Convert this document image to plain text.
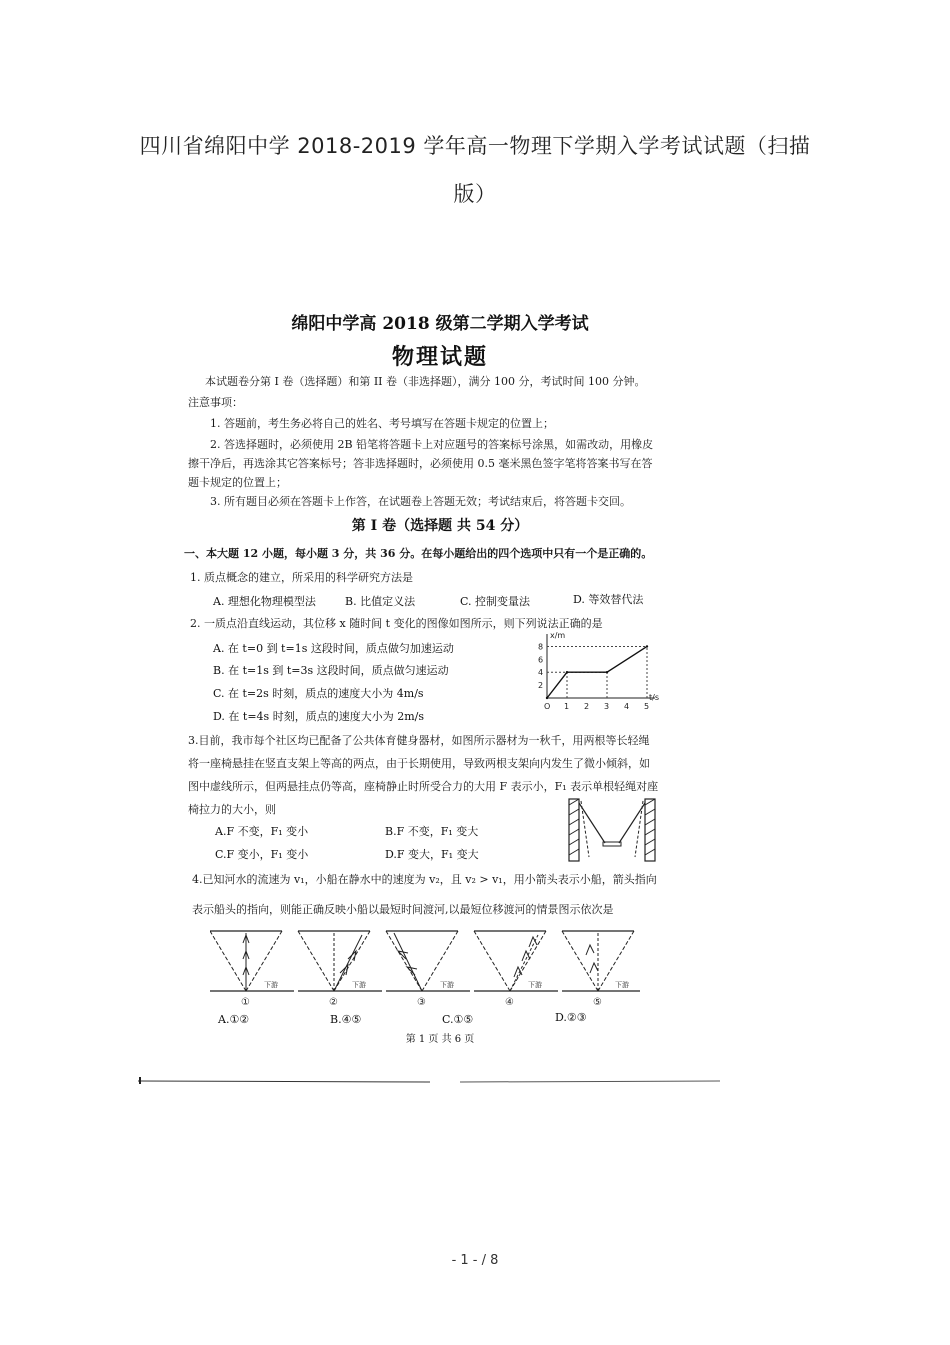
四川省绵阳中学 2018-2019 学年高一物理下学期入学考试试题（扫描
版）
绵阳中学高 2018 级第二学期入学考试
物理试题
本试题卷分第 I 卷（选择题）和第 II 卷（非选择题），满分 100 分，考试时间 100 分钟。
注意事项：
1. 答题前，考生务必将自己的姓名、考号填写在答题卡规定的位置上；
2. 答选择题时，必须使用 2B 铅笔将答题卡上对应题号的答案标号涂黑，如需改动，用橡皮
擦干净后，再选涂其它答案标号；答非选择题时，必须使用 0.5 毫米黑色签字笔将答案书写在答
题卡规定的位置上；
3. 所有题目必须在答题卡上作答，在试题卷上答题无效；考试结束后，将答题卡交回。
第 I 卷（选择题 共 54 分）
一、本大题 12 小题，每小题 3 分，共 36 分。在每小题给出的四个选项中只有一个是正确的。
1. 质点概念的建立，所采用的科学研究方法是
A. 理想化物理模型法	B. 比值定义法	C. 控制变量法	D. 等效替代法
2. 一质点沿直线运动，其位移 x 随时间 t 变化的图像如图所示，则下列说法正确的是
A. 在 t=0 到 t=1s 这段时间，质点做匀加速运动
B. 在 t=1s 到 t=3s 这段时间，质点做匀速运动
C. 在 t=2s 时刻，质点的速度大小为 4m/s
D. 在 t=4s 时刻，质点的速度大小为 2m/s
x/m
t/s
2
4
6
8
O 1 2 3 4 5
3.目前，我市每个社区均已配备了公共体育健身器材，如图所示器材为一秋千，用两根等长轻绳
将一座椅悬挂在竖直支架上等高的两点，由于长期使用，导致两根支架向内发生了微小倾斜，如
图中虚线所示，但两悬挂点仍等高，座椅静止时所受合力的大用 F 表示小，F₁ 表示单根轻绳对座
椅拉力的大小，则
A.F 不变，F₁ 变小	B.F 不变，F₁ 变大
C.F 变小，F₁ 变小	D.F 变大，F₁ 变大
4.已知河水的流速为 v₁，小船在静水中的速度为 v₂，且 v₂ > v₁，用小箭头表示小船，箭头指向
表示船头的指向，则能正确反映小船以最短时间渡河,以最短位移渡河的情景图示依次是
下游	下游	下游	下游	下游
①	②	③	④	⑤
A.①②	B.④⑤	C.①⑤	D.②③
第 1 页 共 6 页
- 1 - / 8
